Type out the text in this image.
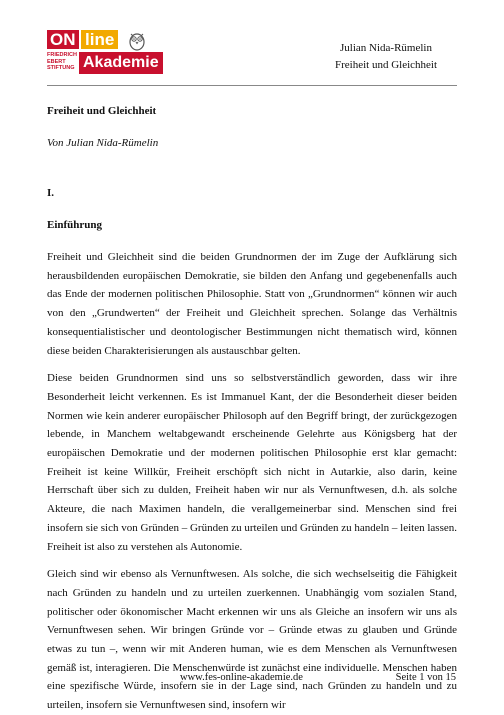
ON line
FRIEDRICH
EBERT
STIFTUNG Akademie
Julian Nida-Rümelin
Freiheit und Gleichheit

Freiheit und Gleichheit

Von Julian Nida-Rümelin

I.

Einführung

Freiheit und Gleichheit sind die beiden Grundnormen der im Zuge der Aufklärung sich herausbildenden europäischen Demokratie, sie bilden den Anfang und gegebenenfalls auch das Ende der modernen politischen Philosophie. Statt von „Grundnormen“ können wir auch von den „Grundwerten“ der Freiheit und Gleichheit sprechen. Solange das Verhältnis konsequentialistischer und deontologischer Bestimmungen nicht thematisch wird, können diese beiden Charakterisierungen als austauschbar gelten.

Diese beiden Grundnormen sind uns so selbstverständlich geworden, dass wir ihre Besonderheit leicht verkennen. Es ist Immanuel Kant, der die Besonderheit dieser beiden Normen wie kein anderer europäischer Philosoph auf den Begriff bringt, der zurückgezogen lebende, in Manchem weltabgewandt erscheinende Gelehrte aus Königsberg hat der europäischen Demokratie und der modernen politischen Philosophie erst klar gemacht: Freiheit ist keine Willkür, Freiheit erschöpft sich nicht in Autarkie, also darin, keine Herrschaft über sich zu dulden, Freiheit haben wir nur als Vernunftwesen, d.h. als solche Akteure, die nach Maximen handeln, die verallgemeinerbar sind. Menschen sind frei insofern sie sich von Gründen – Gründen zu urteilen und Gründen zu handeln – leiten lassen. Freiheit ist also zu verstehen als Autonomie.

Gleich sind wir ebenso als Vernunftwesen. Als solche, die sich wechselseitig die Fähigkeit nach Gründen zu handeln und zu urteilen zuerkennen. Unabhängig vom sozialen Stand, politischer oder ökonomischer Macht erkennen wir uns als Gleiche an insofern wir uns als Vernunftwesen sehen. Wir bringen Gründe vor – Gründe etwas zu glauben und Gründe etwas zu tun –, wenn wir mit Anderen human, wie es dem Menschen als Vernunftwesen gemäß ist, interagieren. Die Menschenwürde ist zunächst eine individuelle. Menschen haben eine spezifische Würde, insofern sie in der Lage sind, nach Gründen zu handeln und zu urteilen, insofern sie Vernunftwesen sind, insofern wir

www.fes-online-akademie.de	Seite 1 von 15
